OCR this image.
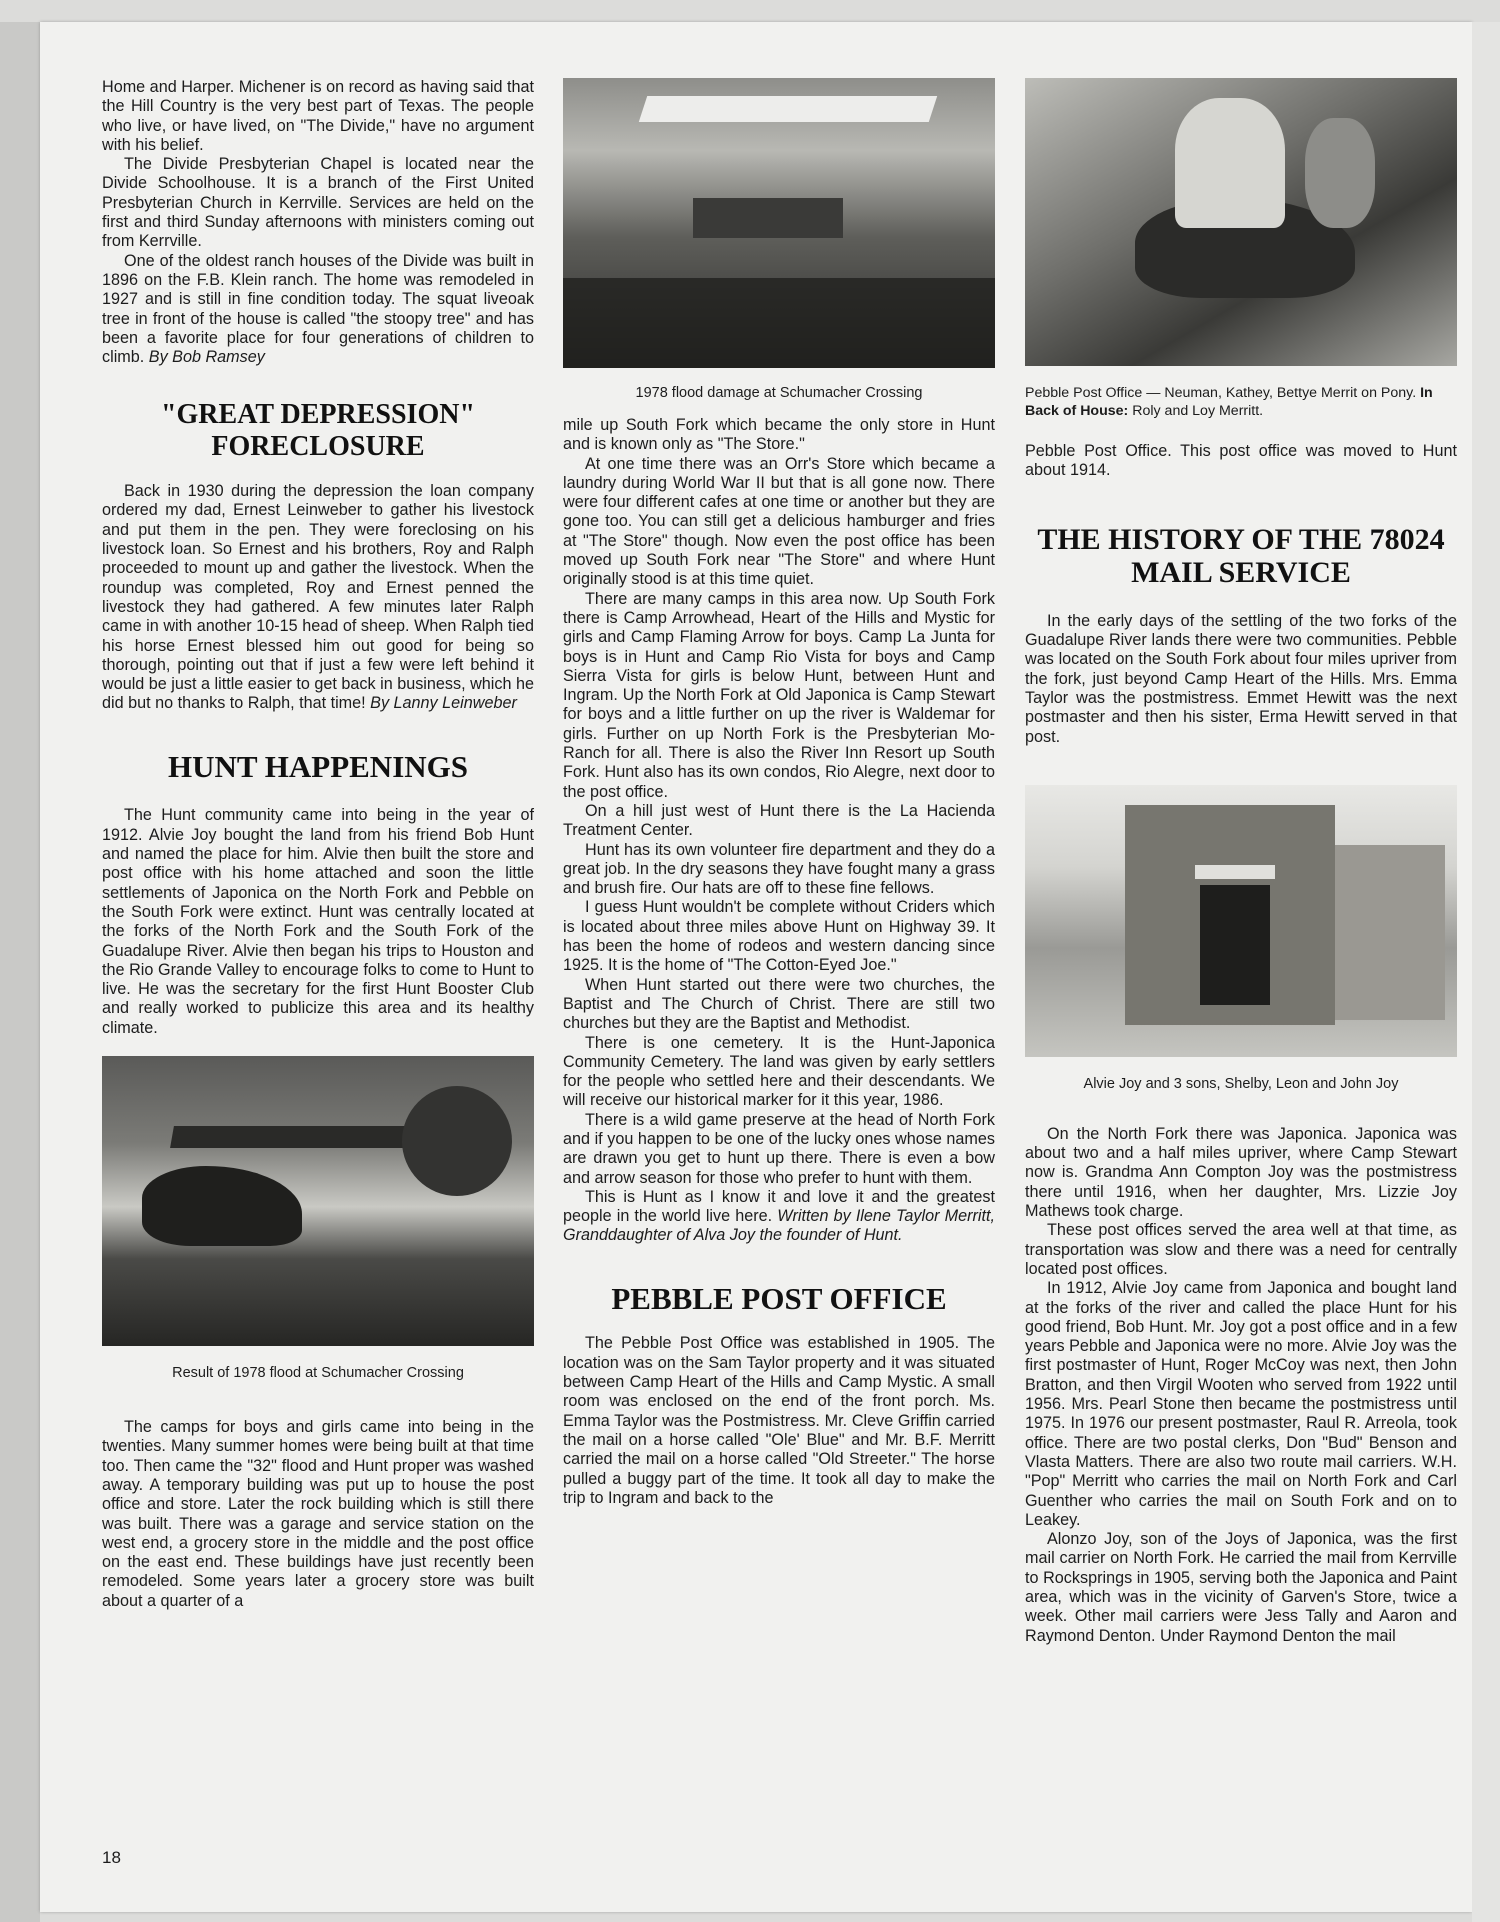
Home and Harper. Michener is on record as having said that the Hill Country is the very best part of Texas. The people who live, or have lived, on "The Divide," have no argument with his belief.

The Divide Presbyterian Chapel is located near the Divide Schoolhouse. It is a branch of the First United Presbyterian Church in Kerrville. Services are held on the first and third Sunday afternoons with ministers coming out from Kerrville.

One of the oldest ranch houses of the Divide was built in 1896 on the F.B. Klein ranch. The home was remodeled in 1927 and is still in fine condition today. The squat liveoak tree in front of the house is called "the stoopy tree" and has been a favorite place for four generations of children to climb. By Bob Ramsey

"GREAT DEPRESSION" FORECLOSURE

Back in 1930 during the depression the loan company ordered my dad, Ernest Leinweber to gather his livestock and put them in the pen. They were foreclosing on his livestock loan. So Ernest and his brothers, Roy and Ralph proceeded to mount up and gather the livestock. When the roundup was completed, Roy and Ernest penned the livestock they had gathered. A few minutes later Ralph came in with another 10-15 head of sheep. When Ralph tied his horse Ernest blessed him out good for being so thorough, pointing out that if just a few were left behind it would be just a little easier to get back in business, which he did but no thanks to Ralph, that time! By Lanny Leinweber

HUNT HAPPENINGS

The Hunt community came into being in the year of 1912. Alvie Joy bought the land from his friend Bob Hunt and named the place for him. Alvie then built the store and post office with his home attached and soon the little settlements of Japonica on the North Fork and Pebble on the South Fork were extinct. Hunt was centrally located at the forks of the North Fork and the South Fork of the Guadalupe River. Alvie then began his trips to Houston and the Rio Grande Valley to encourage folks to come to Hunt to live. He was the secretary for the first Hunt Booster Club and really worked to publicize this area and its healthy climate.

Result of 1978 flood at Schumacher Crossing

The camps for boys and girls came into being in the twenties. Many summer homes were being built at that time too. Then came the "32" flood and Hunt proper was washed away. A temporary building was put up to house the post office and store. Later the rock building which is still there was built. There was a garage and service station on the west end, a grocery store in the middle and the post office on the east end. These buildings have just recently been remodeled. Some years later a grocery store was built about a quarter of a

1978 flood damage at Schumacher Crossing

mile up South Fork which became the only store in Hunt and is known only as "The Store."

At one time there was an Orr's Store which became a laundry during World War II but that is all gone now. There were four different cafes at one time or another but they are gone too. You can still get a delicious hamburger and fries at "The Store" though. Now even the post office has been moved up South Fork near "The Store" and where Hunt originally stood is at this time quiet.

There are many camps in this area now. Up South Fork there is Camp Arrowhead, Heart of the Hills and Mystic for girls and Camp Flaming Arrow for boys. Camp La Junta for boys is in Hunt and Camp Rio Vista for boys and Camp Sierra Vista for girls is below Hunt, between Hunt and Ingram. Up the North Fork at Old Japonica is Camp Stewart for boys and a little further on up the river is Waldemar for girls. Further on up North Fork is the Presbyterian Mo-Ranch for all. There is also the River Inn Resort up South Fork. Hunt also has its own condos, Rio Alegre, next door to the post office.

On a hill just west of Hunt there is the La Hacienda Treatment Center.

Hunt has its own volunteer fire department and they do a great job. In the dry seasons they have fought many a grass and brush fire. Our hats are off to these fine fellows.

I guess Hunt wouldn't be complete without Criders which is located about three miles above Hunt on Highway 39. It has been the home of rodeos and western dancing since 1925. It is the home of "The Cotton-Eyed Joe."

When Hunt started out there were two churches, the Baptist and The Church of Christ. There are still two churches but they are the Baptist and Methodist.

There is one cemetery. It is the Hunt-Japonica Community Cemetery. The land was given by early settlers for the people who settled here and their descendants. We will receive our historical marker for it this year, 1986.

There is a wild game preserve at the head of North Fork and if you happen to be one of the lucky ones whose names are drawn you get to hunt up there. There is even a bow and arrow season for those who prefer to hunt with them.

This is Hunt as I know it and love it and the greatest people in the world live here. Written by Ilene Taylor Merritt, Granddaughter of Alva Joy the founder of Hunt.

PEBBLE POST OFFICE

The Pebble Post Office was established in 1905. The location was on the Sam Taylor property and it was situated between Camp Heart of the Hills and Camp Mystic. A small room was enclosed on the end of the front porch. Ms. Emma Taylor was the Postmistress. Mr. Cleve Griffin carried the mail on a horse called "Ole' Blue" and Mr. B.F. Merritt carried the mail on a horse called "Old Streeter." The horse pulled a buggy part of the time. It took all day to make the trip to Ingram and back to the

Pebble Post Office — Neuman, Kathey, Bettye Merrit on Pony. In Back of House: Roly and Loy Merritt.

Pebble Post Office. This post office was moved to Hunt about 1914.

THE HISTORY OF THE 78024 MAIL SERVICE

In the early days of the settling of the two forks of the Guadalupe River lands there were two communities. Pebble was located on the South Fork about four miles upriver from the fork, just beyond Camp Heart of the Hills. Mrs. Emma Taylor was the postmistress. Emmet Hewitt was the next postmaster and then his sister, Erma Hewitt served in that post.

Alvie Joy and 3 sons, Shelby, Leon and John Joy

On the North Fork there was Japonica. Japonica was about two and a half miles upriver, where Camp Stewart now is. Grandma Ann Compton Joy was the postmistress there until 1916, when her daughter, Mrs. Lizzie Joy Mathews took charge.

These post offices served the area well at that time, as transportation was slow and there was a need for centrally located post offices.

In 1912, Alvie Joy came from Japonica and bought land at the forks of the river and called the place Hunt for his good friend, Bob Hunt. Mr. Joy got a post office and in a few years Pebble and Japonica were no more. Alvie Joy was the first postmaster of Hunt, Roger McCoy was next, then John Bratton, and then Virgil Wooten who served from 1922 until 1956. Mrs. Pearl Stone then became the postmistress until 1975. In 1976 our present postmaster, Raul R. Arreola, took office. There are two postal clerks, Don "Bud" Benson and Vlasta Matters. There are also two route mail carriers. W.H. "Pop" Merritt who carries the mail on North Fork and Carl Guenther who carries the mail on South Fork and on to Leakey.

Alonzo Joy, son of the Joys of Japonica, was the first mail carrier on North Fork. He carried the mail from Kerrville to Rocksprings in 1905, serving both the Japonica and Paint area, which was in the vicinity of Garven's Store, twice a week. Other mail carriers were Jess Tally and Aaron and Raymond Denton. Under Raymond Denton the mail

18
